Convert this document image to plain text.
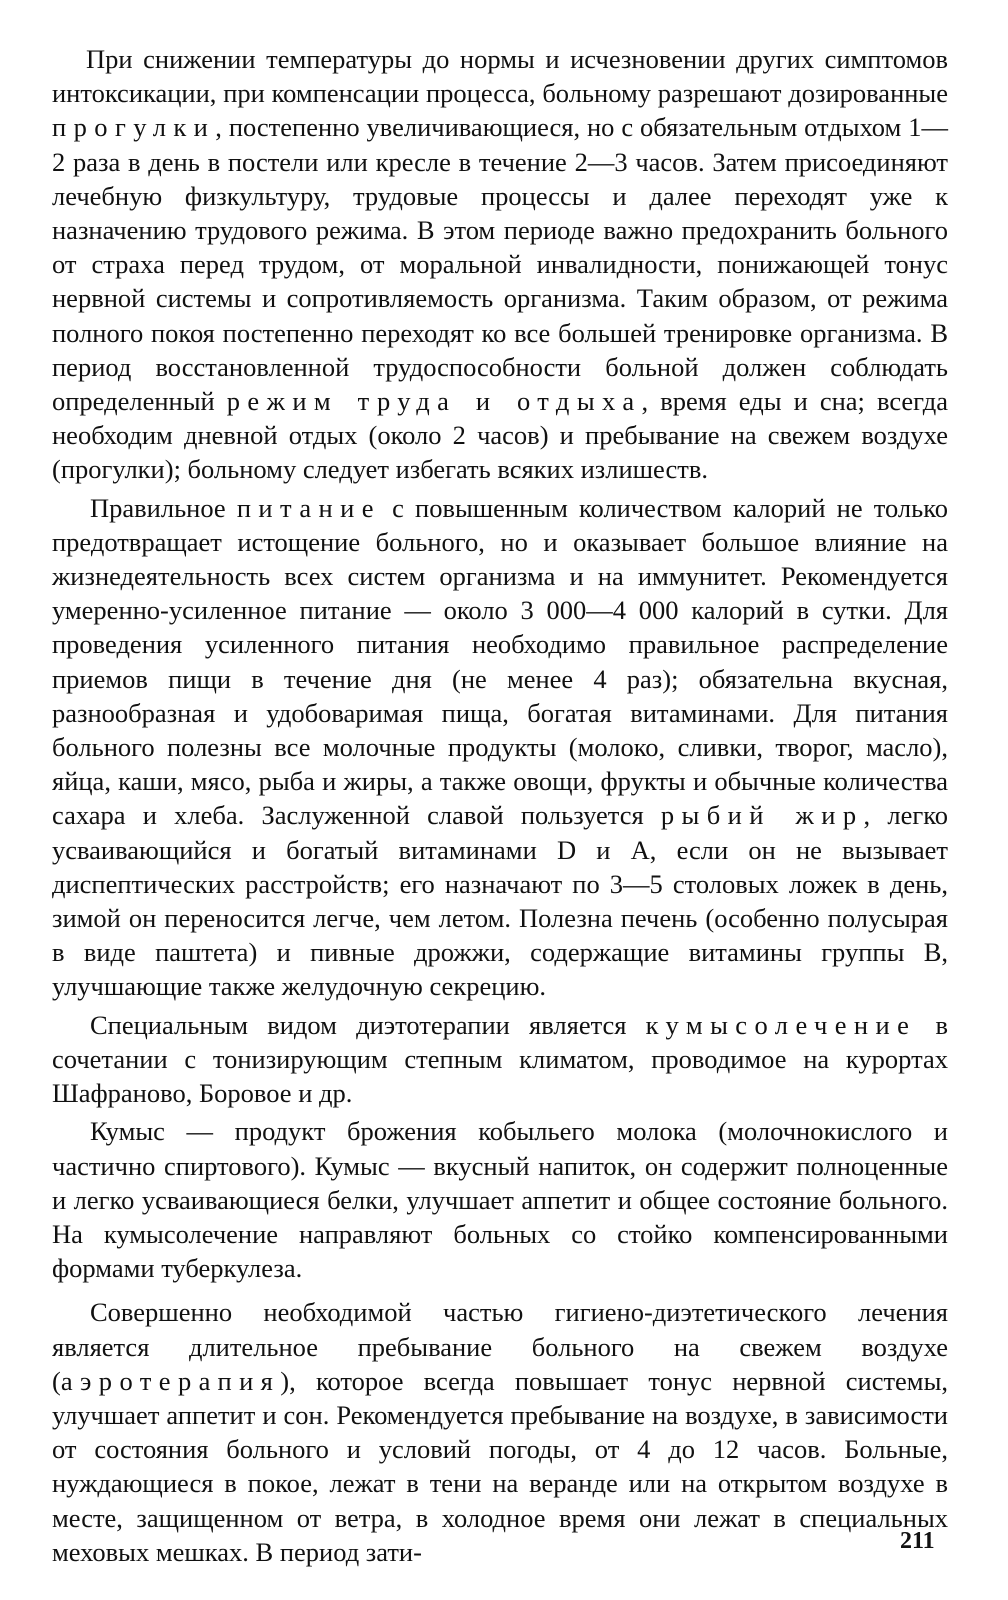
При снижении температуры до нормы и исчезновении других симптомов интоксикации, при компенсации процесса, больному разрешают дозированные прогулки, постепенно увеличивающиеся, но с обязательным отдыхом 1—2 раза в день в постели или кресле в течение 2—3 часов. Затем присоединяют лечебную физкультуру, трудовые процессы и далее переходят уже к назначению трудового режима. В этом периоде важно предохранить больного от страха перед трудом, от моральной инвалидности, понижающей тонус нервной системы и сопротивляемость организма. Таким образом, от режима полного покоя постепенно переходят ко все большей тренировке организма. В период восстановленной трудоспособности больной должен соблюдать определенный режим труда и отдыха, время еды и сна; всегда необходим дневной отдых (около 2 часов) и пребывание на свежем воздухе (прогулки); больному следует избегать всяких излишеств.

Правильное питание с повышенным количеством калорий не только предотвращает истощение больного, но и оказывает большое влияние на жизнедеятельность всех систем организма и на иммунитет. Рекомендуется умеренно-усиленное питание — около 3 000—4 000 калорий в сутки. Для проведения усиленного питания необходимо правильное распределение приемов пищи в течение дня (не менее 4 раз); обязательна вкусная, разнообразная и удобоваримая пища, богатая витаминами. Для питания больного полезны все молочные продукты (молоко, сливки, творог, масло), яйца, каши, мясо, рыба и жиры, а также овощи, фрукты и обычные количества сахара и хлеба. Заслуженной славой пользуется рыбий жир, легко усваивающийся и богатый витаминами D и A, если он не вызывает диспептических расстройств; его назначают по 3—5 столовых ложек в день, зимой он переносится легче, чем летом. Полезна печень (особенно полусырая в виде паштета) и пивные дрожжи, содержащие витамины группы B, улучшающие также желудочную секрецию.

Специальным видом диэтотерапии является кумысолечение в сочетании с тонизирующим степным климатом, проводимое на курортах Шафраново, Боровое и др.

Кумыс — продукт брожения кобыльего молока (молочнокислого и частично спиртового). Кумыс — вкусный напиток, он содержит полноценные и легко усваивающиеся белки, улучшает аппетит и общее состояние больного. На кумысолечение направляют больных со стойко компенсированными формами туберкулеза.

Совершенно необходимой частью гигиено-диэтетического лечения является длительное пребывание больного на свежем воздухе (аэротерапия), которое всегда повышает тонус нервной системы, улучшает аппетит и сон. Рекомендуется пребывание на воздухе, в зависимости от состояния больного и условий погоды, от 4 до 12 часов. Больные, нуждающиеся в покое, лежат в тени на веранде или на открытом воздухе в месте, защищенном от ветра, в холодное время они лежат в специальных меховых мешках. В период зати-	211
